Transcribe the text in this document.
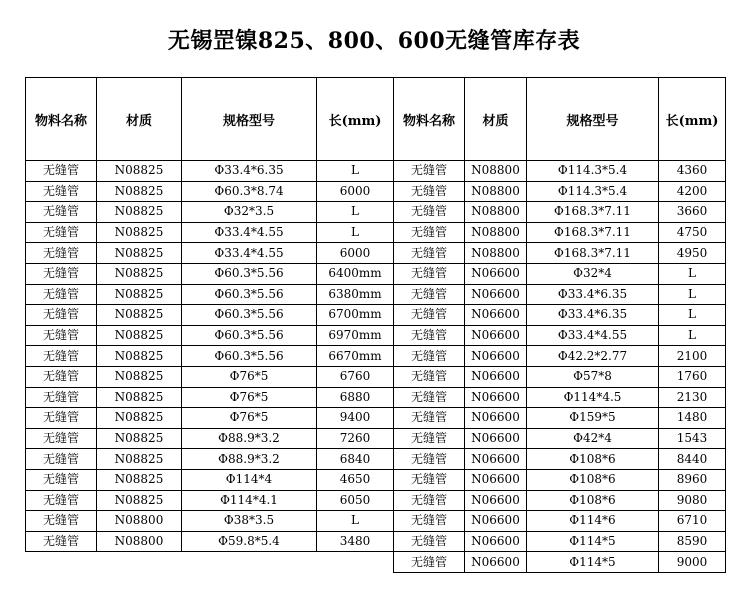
无锡罡镍825、800、600无缝管库存表
物料名称	材质	规格型号	长(mm)	物料名称	材质	规格型号	长(mm)
无缝管	N08825	Φ33.4*6.35	L	无缝管	N08800	Φ114.3*5.4	4360
无缝管	N08825	Φ60.3*8.74	6000	无缝管	N08800	Φ114.3*5.4	4200
无缝管	N08825	Φ32*3.5	L	无缝管	N08800	Φ168.3*7.11	3660
无缝管	N08825	Φ33.4*4.55	L	无缝管	N08800	Φ168.3*7.11	4750
无缝管	N08825	Φ33.4*4.55	6000	无缝管	N08800	Φ168.3*7.11	4950
无缝管	N08825	Φ60.3*5.56	6400mm	无缝管	N06600	Φ32*4	L
无缝管	N08825	Φ60.3*5.56	6380mm	无缝管	N06600	Φ33.4*6.35	L
无缝管	N08825	Φ60.3*5.56	6700mm	无缝管	N06600	Φ33.4*6.35	L
无缝管	N08825	Φ60.3*5.56	6970mm	无缝管	N06600	Φ33.4*4.55	L
无缝管	N08825	Φ60.3*5.56	6670mm	无缝管	N06600	Φ42.2*2.77	2100
无缝管	N08825	Φ76*5	6760	无缝管	N06600	Φ57*8	1760
无缝管	N08825	Φ76*5	6880	无缝管	N06600	Φ114*4.5	2130
无缝管	N08825	Φ76*5	9400	无缝管	N06600	Φ159*5	1480
无缝管	N08825	Φ88.9*3.2	7260	无缝管	N06600	Φ42*4	1543
无缝管	N08825	Φ88.9*3.2	6840	无缝管	N06600	Φ108*6	8440
无缝管	N08825	Φ114*4	4650	无缝管	N06600	Φ108*6	8960
无缝管	N08825	Φ114*4.1	6050	无缝管	N06600	Φ108*6	9080
无缝管	N08800	Φ38*3.5	L	无缝管	N06600	Φ114*6	6710
无缝管	N08800	Φ59.8*5.4	3480	无缝管	N06600	Φ114*5	8590
				无缝管	N06600	Φ114*5	9000
